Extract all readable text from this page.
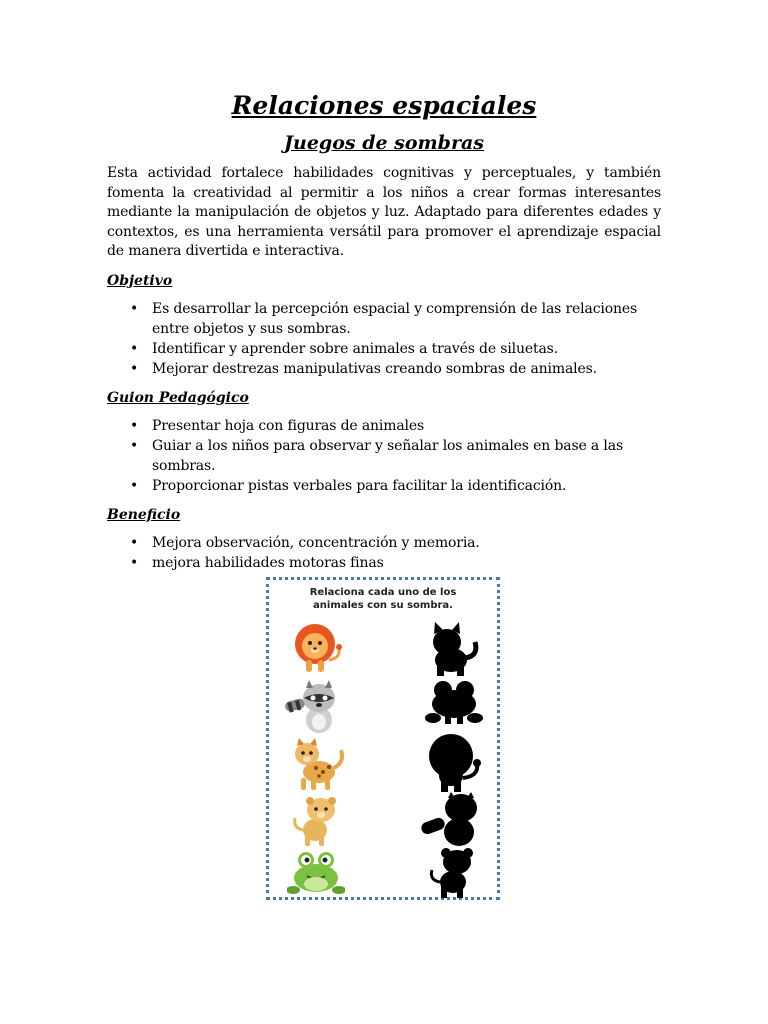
Relaciones espaciales
Juegos de sombras

Esta actividad fortalece habilidades cognitivas y perceptuales, y también fomenta la creatividad al permitir a los niños a crear formas interesantes mediante la manipulación de objetos y luz. Adaptado para diferentes edades y contextos, es una herramienta versátil para promover el aprendizaje espacial de manera divertida e interactiva.

Objetivo
• Es desarrollar la percepción espacial y comprensión de las relaciones entre objetos y sus sombras.
• Identificar y aprender sobre animales a través de siluetas.
• Mejorar destrezas manipulativas creando sombras de animales.
Guion Pedagógico
• Presentar hoja con figuras de animales
• Guiar a los niños para observar y señalar los animales en base a las sombras.
• Proporcionar pistas verbales para facilitar la identificación.
Beneficio
• Mejora observación, concentración y memoria.
• mejora habilidades motoras finas
Relaciona cada uno de los
animales con su sombra.
